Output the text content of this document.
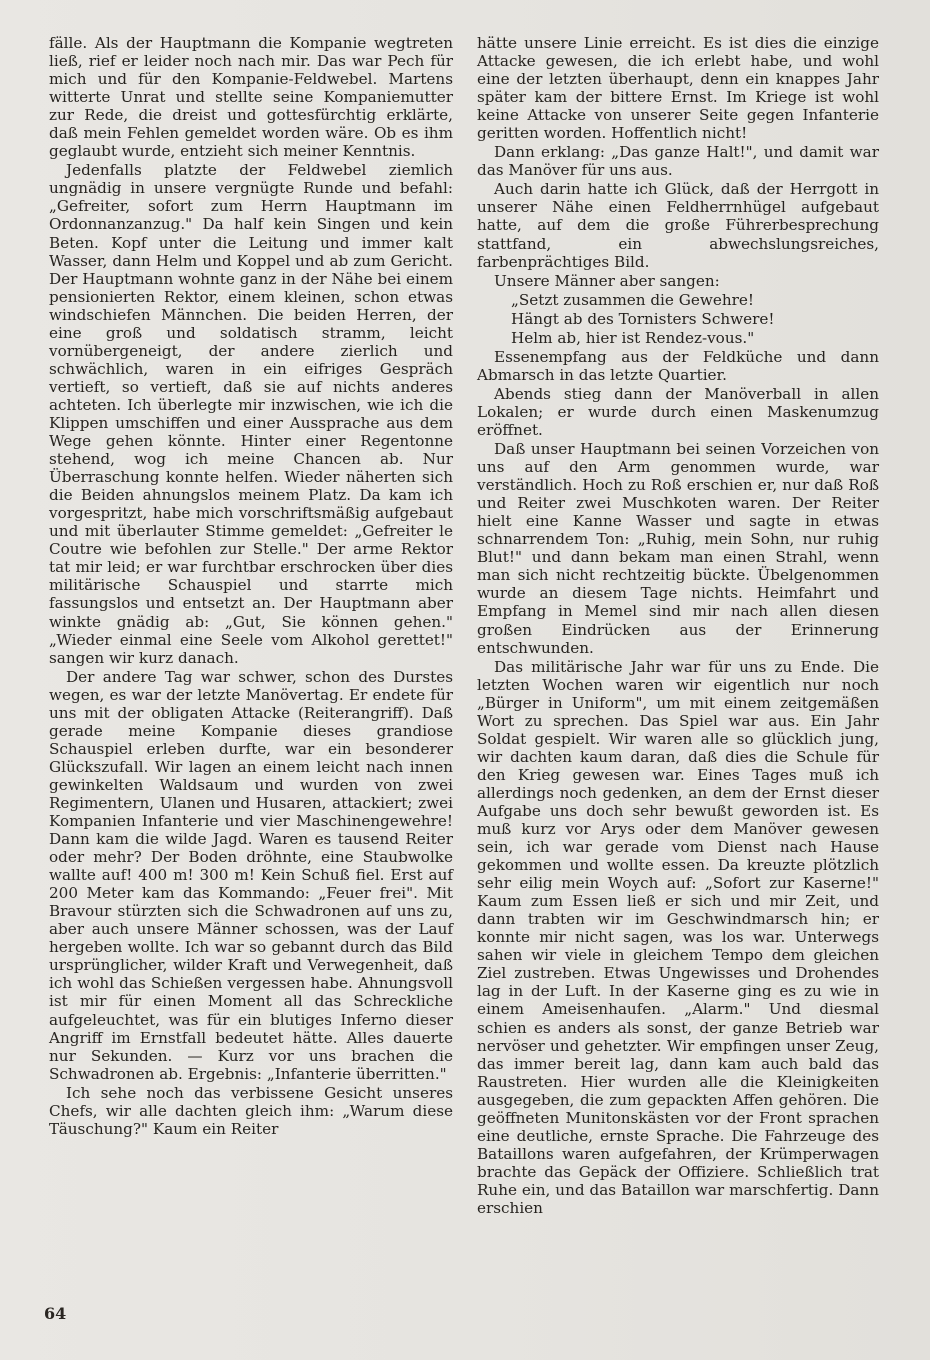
fälle. Als der Hauptmann die Kompanie wegtreten ließ, rief er leider noch nach mir. Das war Pech für mich und für den Kompanie-Feldwebel. Martens witterte Unrat und stellte seine Kompaniemutter zur Rede, die dreist und gottesfürchtig erklärte, daß mein Fehlen gemeldet worden wäre. Ob es ihm geglaubt wurde, entzieht sich meiner Kenntnis.

Jedenfalls platzte der Feldwebel ziemlich ungnädig in unsere vergnügte Runde und befahl: „Gefreiter, sofort zum Herrn Hauptmann im Ordonnanzanzug." Da half kein Singen und kein Beten. Kopf unter die Leitung und immer kalt Wasser, dann Helm und Koppel und ab zum Gericht. Der Hauptmann wohnte ganz in der Nähe bei einem pensionierten Rektor, einem kleinen, schon etwas windschiefen Männchen. Die beiden Herren, der eine groß und soldatisch stramm, leicht vornübergeneigt, der andere zierlich und schwächlich, waren in ein eifriges Gespräch vertieft, so vertieft, daß sie auf nichts anderes achteten. Ich überlegte mir inzwischen, wie ich die Klippen umschiffen und einer Aussprache aus dem Wege gehen könnte. Hinter einer Regentonne stehend, wog ich meine Chancen ab. Nur Überraschung konnte helfen. Wieder näherten sich die Beiden ahnungslos meinem Platz. Da kam ich vorgespritzt, habe mich vorschriftsmäßig aufgebaut und mit überlauter Stimme gemeldet: „Gefreiter le Coutre wie befohlen zur Stelle." Der arme Rektor tat mir leid; er war furchtbar erschrocken über dies militärische Schauspiel und starrte mich fassungslos und entsetzt an. Der Hauptmann aber winkte gnädig ab: „Gut, Sie können gehen." „Wieder einmal eine Seele vom Alkohol gerettet!" sangen wir kurz danach.

Der andere Tag war schwer, schon des Durstes wegen, es war der letzte Manövertag. Er endete für uns mit der obligaten Attacke (Reiterangriff). Daß gerade meine Kompanie dieses grandiose Schauspiel erleben durfte, war ein besonderer Glückszufall. Wir lagen an einem leicht nach innen gewinkelten Waldsaum und wurden von zwei Regimentern, Ulanen und Husaren, attackiert; zwei Kompanien Infanterie und vier Maschinengewehre! Dann kam die wilde Jagd. Waren es tausend Reiter oder mehr? Der Boden dröhnte, eine Staubwolke wallte auf! 400 m! 300 m! Kein Schuß fiel. Erst auf 200 Meter kam das Kommando: „Feuer frei". Mit Bravour stürzten sich die Schwadronen auf uns zu, aber auch unsere Männer schossen, was der Lauf hergeben wollte. Ich war so gebannt durch das Bild ursprünglicher, wilder Kraft und Verwegenheit, daß ich wohl das Schießen vergessen habe. Ahnungsvoll ist mir für einen Moment all das Schreckliche aufgeleuchtet, was für ein blutiges Inferno dieser Angriff im Ernstfall bedeutet hätte. Alles dauerte nur Sekunden. — Kurz vor uns brachen die Schwadronen ab. Ergebnis: „Infanterie überritten."

Ich sehe noch das verbissene Gesicht unseres Chefs, wir alle dachten gleich ihm: „Warum diese Täuschung?" Kaum ein Reiter

hätte unsere Linie erreicht. Es ist dies die einzige Attacke gewesen, die ich erlebt habe, und wohl eine der letzten überhaupt, denn ein knappes Jahr später kam der bittere Ernst. Im Kriege ist wohl keine Attacke von unserer Seite gegen Infanterie geritten worden. Hoffentlich nicht!

Dann erklang: „Das ganze Halt!", und damit war das Manöver für uns aus.

Auch darin hatte ich Glück, daß der Herrgott in unserer Nähe einen Feldherrnhügel aufgebaut hatte, auf dem die große Führerbesprechung stattfand, ein abwechslungsreiches, farbenprächtiges Bild.

Unsere Männer aber sangen:

„Setzt zusammen die Gewehre!

Hängt ab des Tornisters Schwere!

Helm ab, hier ist Rendez-vous."

Essenempfang aus der Feldküche und dann Abmarsch in das letzte Quartier.

Abends stieg dann der Manöverball in allen Lokalen; er wurde durch einen Maskenumzug eröffnet.

Daß unser Hauptmann bei seinen Vorzeichen von uns auf den Arm genommen wurde, war verständlich. Hoch zu Roß erschien er, nur daß Roß und Reiter zwei Muschkoten waren. Der Reiter hielt eine Kanne Wasser und sagte in etwas schnarrendem Ton: „Ruhig, mein Sohn, nur ruhig Blut!" und dann bekam man einen Strahl, wenn man sich nicht rechtzeitig bückte. Übelgenommen wurde an diesem Tage nichts. Heimfahrt und Empfang in Memel sind mir nach allen diesen großen Eindrücken aus der Erinnerung entschwunden.

Das militärische Jahr war für uns zu Ende. Die letzten Wochen waren wir eigentlich nur noch „Bürger in Uniform", um mit einem zeitgemäßen Wort zu sprechen. Das Spiel war aus. Ein Jahr Soldat gespielt. Wir waren alle so glücklich jung, wir dachten kaum daran, daß dies die Schule für den Krieg gewesen war. Eines Tages muß ich allerdings noch gedenken, an dem der Ernst dieser Aufgabe uns doch sehr bewußt geworden ist. Es muß kurz vor Arys oder dem Manöver gewesen sein, ich war gerade vom Dienst nach Hause gekommen und wollte essen. Da kreuzte plötzlich sehr eilig mein Woych auf: „Sofort zur Kaserne!" Kaum zum Essen ließ er sich und mir Zeit, und dann trabten wir im Geschwindmarsch hin; er konnte mir nicht sagen, was los war. Unterwegs sahen wir viele in gleichem Tempo dem gleichen Ziel zustreben. Etwas Ungewisses und Drohendes lag in der Luft. In der Kaserne ging es zu wie in einem Ameisenhaufen. „Alarm." Und diesmal schien es anders als sonst, der ganze Betrieb war nervöser und gehetzter. Wir empfingen unser Zeug, das immer bereit lag, dann kam auch bald das Raustreten. Hier wurden alle die Kleinigkeiten ausgegeben, die zum gepackten Affen gehören. Die geöffneten Munitonskästen vor der Front sprachen eine deutliche, ernste Sprache. Die Fahrzeuge des Bataillons waren aufgefahren, der Krümperwagen brachte das Gepäck der Offiziere. Schließlich trat Ruhe ein, und das Bataillon war marschfertig. Dann erschien

64
